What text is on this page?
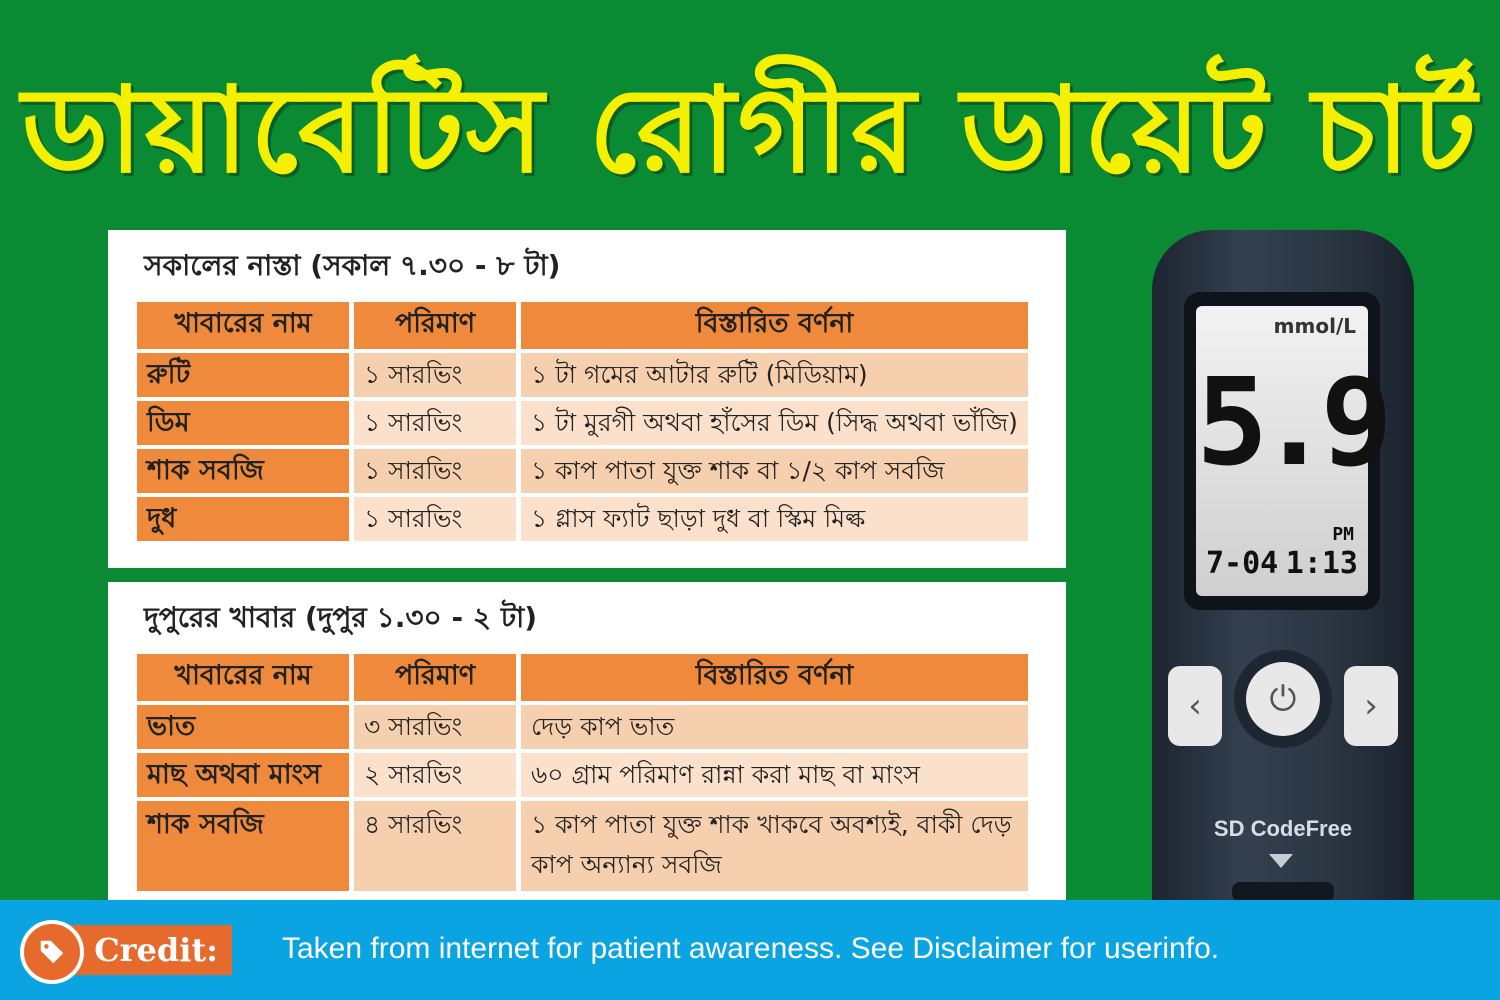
ডায়াবেটিস রোগীর ডায়েট চার্ট
সকালের নাস্তা (সকাল ৭.৩০ - ৮ টা)
খাবারের নাম	পরিমাণ	বিস্তারিত বর্ণনা
রুটি	১ সারভিং	১ টা গমের আটার রুটি (মিডিয়াম)
ডিম	১ সারভিং	১ টা মুরগী অথবা হাঁসের ডিম (সিদ্ধ অথবা ভাঁজি)
শাক সবজি	১ সারভিং	১ কাপ পাতা যুক্ত শাক বা ১/২ কাপ সবজি
দুধ	১ সারভিং	১ গ্লাস ফ্যাট ছাড়া দুধ বা স্কিম মিল্ক
দুপুরের খাবার (দুপুর ১.৩০ - ২ টা)
খাবারের নাম	পরিমাণ	বিস্তারিত বর্ণনা
ভাত	৩ সারভিং	দেড় কাপ ভাত
মাছ অথবা মাংস	২ সারভিং	৬০ গ্রাম পরিমাণ রান্না করা মাছ বা মাংস
শাক সবজি	৪ সারভিং	১ কাপ পাতা যুক্ত শাক খাকবে অবশ্যই, বাকী দেড় কাপ অন্যান্য সবজি
mmol/L
5.9
PM
7-04 1:13
‹	⏻	›
SD CodeFree
Credit:	Taken from internet for patient awareness. See Disclaimer for userinfo.
